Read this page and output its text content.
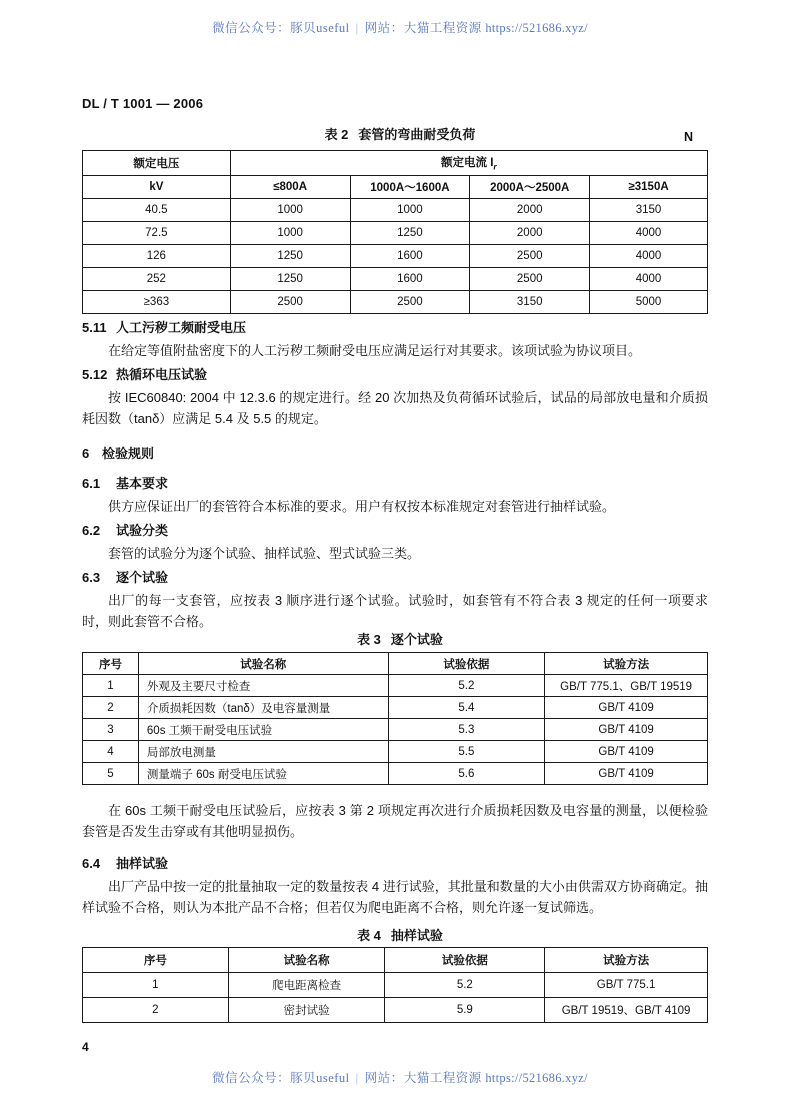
微信公众号：豚贝useful | 网站：大猫工程资源 https://521686.xyz/
DL / T 1001 — 2006
表 2 套管的弯曲耐受负荷	N
额定电压	额定电流 $I_r$
kV	≤800A	1000A～1600A	2000A～2500A	≥3150A
40.5	1000	1000	2000	3150
72.5	1000	1250	2000	4000
126	1250	1600	2500	4000
252	1250	1600	2500	4000
≥363	2500	2500	3150	5000
5.11 人工污秽工频耐受电压
在给定等值附盐密度下的人工污秽工频耐受电压应满足运行对其要求。该项试验为协议项目。
5.12 热循环电压试验
按 IEC60840: 2004 中 12.3.6 的规定进行。经 20 次加热及负荷循环试验后，试品的局部放电量和介质损耗因数（tanδ）应满足 5.4 及 5.5 的规定。
6 检验规则
6.1 基本要求
供方应保证出厂的套管符合本标准的要求。用户有权按本标准规定对套管进行抽样试验。
6.2 试验分类
套管的试验分为逐个试验、抽样试验、型式试验三类。
6.3 逐个试验
出厂的每一支套管，应按表 3 顺序进行逐个试验。试验时，如套管有不符合表 3 规定的任何一项要求时，则此套管不合格。
表 3 逐个试验
序号	试验名称	试验依据	试验方法
1	外观及主要尺寸检查	5.2	GB/T 775.1、GB/T 19519
2	介质损耗因数（tanδ）及电容量测量	5.4	GB/T 4109
3	60s 工频干耐受电压试验	5.3	GB/T 4109
4	局部放电测量	5.5	GB/T 4109
5	测量端子 60s 耐受电压试验	5.6	GB/T 4109
在 60s 工频干耐受电压试验后，应按表 3 第 2 项规定再次进行介质损耗因数及电容量的测量，以便检验套管是否发生击穿或有其他明显损伤。
6.4 抽样试验
出厂产品中按一定的批量抽取一定的数量按表 4 进行试验，其批量和数量的大小由供需双方协商确定。抽样试验不合格，则认为本批产品不合格；但若仅为爬电距离不合格，则允许逐一复试筛选。
表 4 抽样试验
序号	试验名称	试验依据	试验方法
1	爬电距离检查	5.2	GB/T 775.1
2	密封试验	5.9	GB/T 19519、GB/T 4109
4
微信公众号：豚贝useful | 网站：大猫工程资源 https://521686.xyz/
